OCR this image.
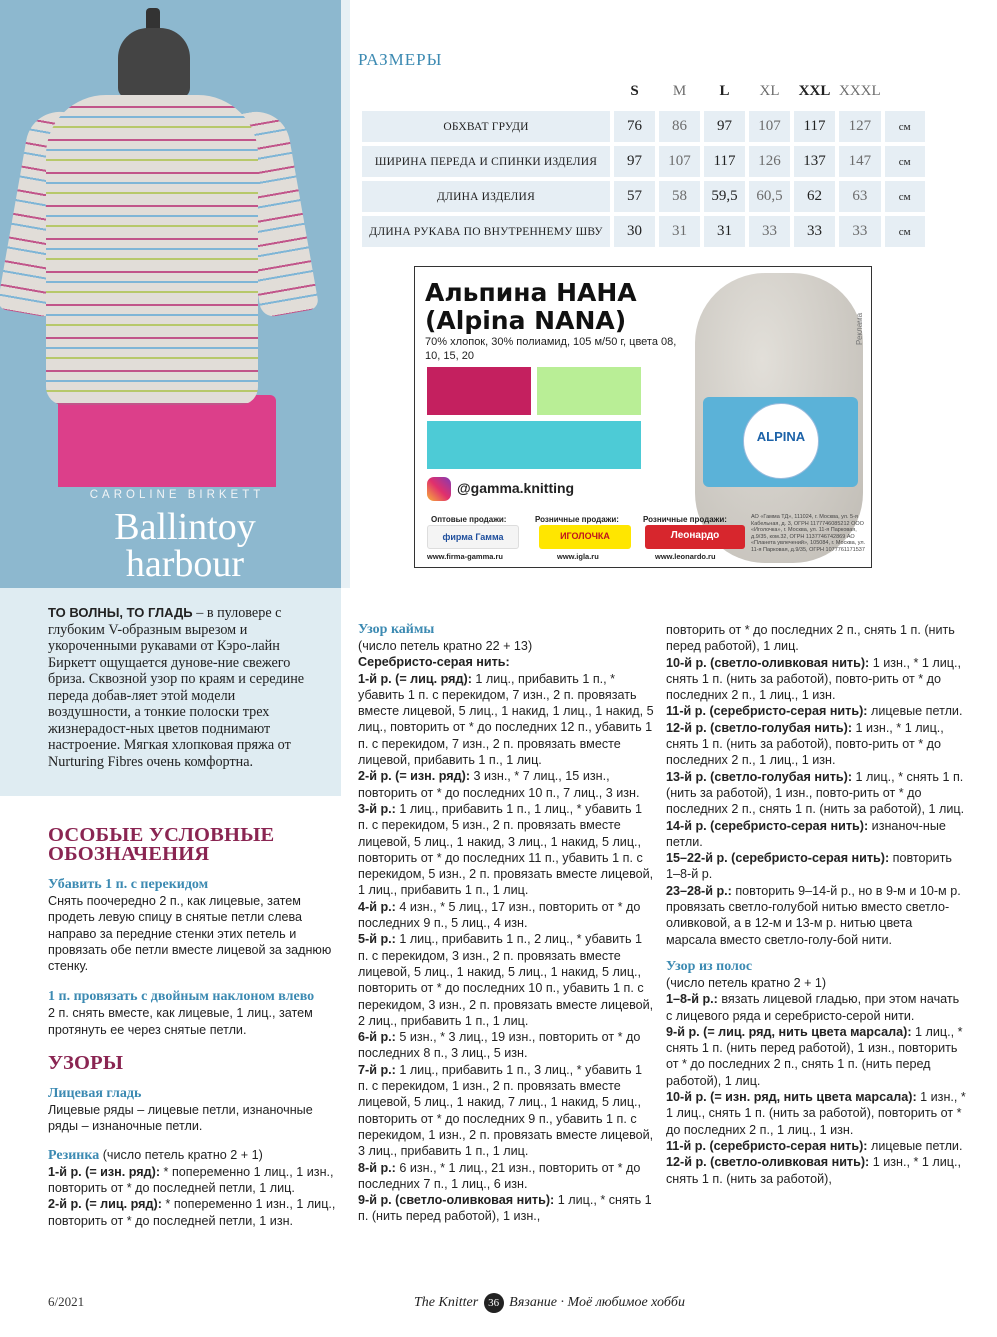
CAROLINE BIRKETT
Ballintoy
harbour
ТО ВОЛНЫ, ТО ГЛАДЬ – в пуловере с глубоким V-образным вырезом и укороченными рукавами от Кэро-лайн Биркетт ощущается дунове-ние свежего бриза. Сквозной узор по краям и середине переда добав-ляет этой модели воздушности, а тонкие полоски трех жизнерадост-ных цветов поднимают настроение. Мягкая хлопковая пряжа от Nurturing Fibres очень комфортна.
РАЗМЕРЫ
	S	M	L	XL	XXL	XXXL	
ОБХВАТ ГРУДИ	76	86	97	107	117	127	см
ШИРИНА ПЕРЕДА И СПИНКИ ИЗДЕЛИЯ	97	107	117	126	137	147	см
ДЛИНА ИЗДЕЛИЯ	57	58	59,5	60,5	62	63	см
ДЛИНА РУКАВА ПО ВНУТРЕННЕМУ ШВУ	30	31	31	33	33	33	см
Альпина НАНА
(Alpina NANA)
70% хлопок, 30% полиамид, 105 м/50 г, цвета 08, 10, 15, 20
ALPINA
Реклама
@gamma.knitting
Оптовые продажи:
фирма Гамма
www.firma-gamma.ru
Розничные продажи:
ИГОЛОЧКА
www.igla.ru
Розничные продажи:
Леонардо
www.leonardo.ru
АО «Гамма ТД», 111024, г. Москва, ул. 5-я Кабельная, д. 3, ОГРН 1177746085212 ООО «Иголочка», г. Москва, ул. 11-я Парковая, д.9/35, ком.32, ОГРН 1137746742869 АО «Планета увлечений», 105084, г. Москва, ул. 11-я Парковая, д.9/35, ОГРН 1077761171537
ОСОБЫЕ УСЛОВНЫЕ ОБОЗНАЧЕНИЯ
Убавить 1 п. с перекидом
Снять поочередно 2 п., как лицевые, затем продеть левую спицу в снятые петли слева направо за передние стенки этих петель и провязать обе петли вместе лицевой за заднюю стенку.
1 п. провязать с двойным наклоном влево
2 п. снять вместе, как лицевые, 1 лиц., затем протянуть ее через снятые петли.
УЗОРЫ
Лицевая гладь
Лицевые ряды – лицевые петли, изнаночные ряды – изнаночные петли.
Резинка (число петель кратно 2 + 1)
1-й р. (= изн. ряд): * попеременно 1 лиц., 1 изн., повторить от * до последней петли, 1 лиц.
2-й р. (= лиц. ряд): * попеременно 1 изн., 1 лиц., повторить от * до последней петли, 1 изн.
Узор каймы
(число петель кратно 22 + 13)
Серебристо-серая нить:
1-й р. (= лиц. ряд): 1 лиц., прибавить 1 п., * убавить 1 п. с перекидом, 7 изн., 2 п. провязать вместе лицевой, 5 лиц., 1 накид, 1 лиц., 1 накид, 5 лиц., повторить от * до последних 12 п., убавить 1 п. с перекидом, 7 изн., 2 п. провязать вместе лицевой, прибавить 1 п., 1 лиц.
2-й р. (= изн. ряд): 3 изн., * 7 лиц., 15 изн., повторить от * до последних 10 п., 7 лиц., 3 изн.
3-й р.: 1 лиц., прибавить 1 п., 1 лиц., * убавить 1 п. с перекидом, 5 изн., 2 п. провязать вместе лицевой, 5 лиц., 1 накид, 3 лиц., 1 накид, 5 лиц., повторить от * до последних 11 п., убавить 1 п. с перекидом, 5 изн., 2 п. провязать вместе лицевой, 1 лиц., прибавить 1 п., 1 лиц.
4-й р.: 4 изн., * 5 лиц., 17 изн., повторить от * до последних 9 п., 5 лиц., 4 изн.
5-й р.: 1 лиц., прибавить 1 п., 2 лиц., * убавить 1 п. с перекидом, 3 изн., 2 п. провязать вместе лицевой, 5 лиц., 1 накид, 5 лиц., 1 накид, 5 лиц., повторить от * до последних 10 п., убавить 1 п. с перекидом, 3 изн., 2 п. провязать вместе лицевой, 2 лиц., прибавить 1 п., 1 лиц.
6-й р.: 5 изн., * 3 лиц., 19 изн., повторить от * до последних 8 п., 3 лиц., 5 изн.
7-й р.: 1 лиц., прибавить 1 п., 3 лиц., * убавить 1 п. с перекидом, 1 изн., 2 п. провязать вместе лицевой, 5 лиц., 1 накид, 7 лиц., 1 накид, 5 лиц., повторить от * до последних 9 п., убавить 1 п. с перекидом, 1 изн., 2 п. провязать вместе лицевой, 3 лиц., прибавить 1 п., 1 лиц.
8-й р.: 6 изн., * 1 лиц., 21 изн., повторить от * до последних 7 п., 1 лиц., 6 изн.
9-й р. (светло-оливковая нить): 1 лиц., * снять 1 п. (нить перед работой), 1 изн.,
повторить от * до последних 2 п., снять 1 п. (нить перед работой), 1 лиц.
10-й р. (светло-оливковая нить): 1 изн., * 1 лиц., снять 1 п. (нить за работой), повто-рить от * до последних 2 п., 1 лиц., 1 изн.
11-й р. (серебристо-серая нить): лицевые петли.
12-й р. (светло-голубая нить): 1 изн., * 1 лиц., снять 1 п. (нить за работой), повто-рить от * до последних 2 п., 1 лиц., 1 изн.
13-й р. (светло-голубая нить): 1 лиц., * снять 1 п. (нить за работой), 1 изн., повто-рить от * до последних 2 п., снять 1 п. (нить за работой), 1 лиц.
14-й р. (серебристо-серая нить): изнаноч-ные петли.
15–22-й р. (серебристо-серая нить): повторить 1–8-й р.
23–28-й р.: повторить 9–14-й р., но в 9-м и 10-м р. провязать светло-голубой нитью вместо светло-оливковой, а в 12-м и 13-м р. нитью цвета марсала вместо светло-голу-бой нити.
Узор из полос
(число петель кратно 2 + 1)
1–8-й р.: вязать лицевой гладью, при этом начать с лицевого ряда и серебристо-серой нити.
9-й р. (= лиц. ряд, нить цвета марсала): 1 лиц., * снять 1 п. (нить перед работой), 1 изн., повторить от * до последних 2 п., снять 1 п. (нить перед работой), 1 лиц.
10-й р. (= изн. ряд, нить цвета марсала): 1 изн., * 1 лиц., снять 1 п. (нить за работой), повторить от * до последних 2 п., 1 лиц., 1 изн.
11-й р. (серебристо-серая нить): лицевые петли.
12-й р. (светло-оливковая нить): 1 изн., * 1 лиц., снять 1 п. (нить за работой),
6/2021	The Knitter 36 Вязание · Моё любимое хобби
